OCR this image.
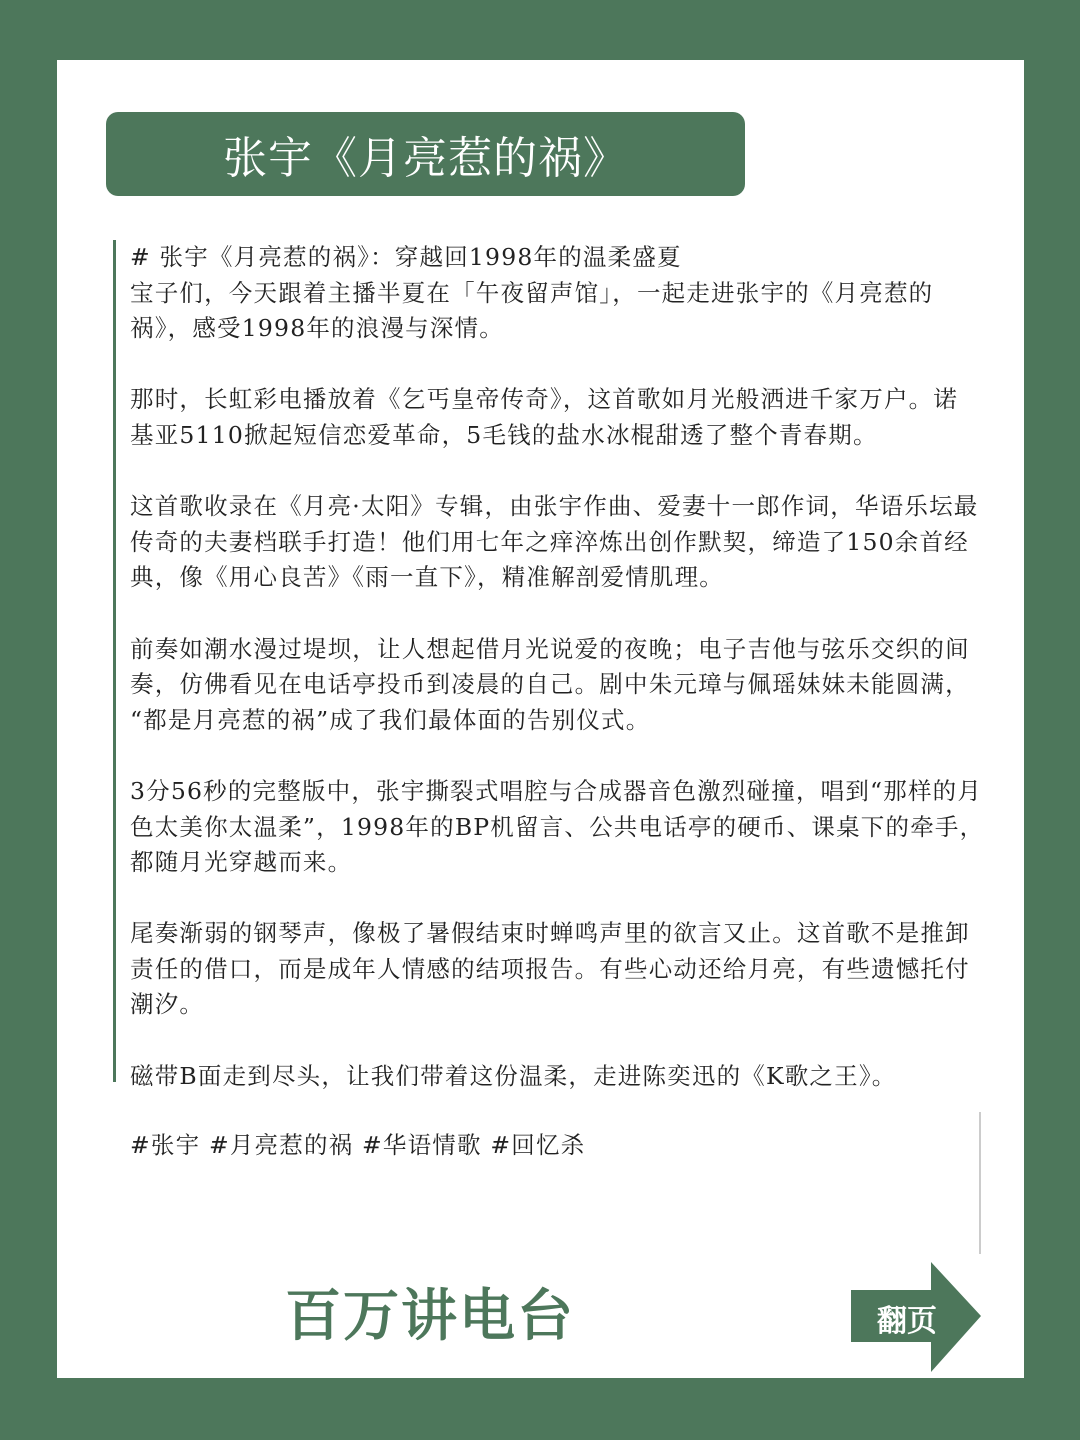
张宇《月亮惹的祸》
# 张宇《月亮惹的祸》：穿越回1998年的温柔盛夏
宝子们，今天跟着主播半夏在「午夜留声馆」，一起走进张宇的《月亮惹的
祸》，感受1998年的浪漫与深情。
那时，长虹彩电播放着《乞丐皇帝传奇》，这首歌如月光般洒进千家万户。诺
基亚5110掀起短信恋爱革命，5毛钱的盐水冰棍甜透了整个青春期。
这首歌收录在《月亮·太阳》专辑，由张宇作曲、爱妻十一郎作词，华语乐坛最
传奇的夫妻档联手打造！他们用七年之痒淬炼出创作默契，缔造了150余首经
典，像《用心良苦》《雨一直下》，精准解剖爱情肌理。
前奏如潮水漫过堤坝，让人想起借月光说爱的夜晚；电子吉他与弦乐交织的间
奏，仿佛看见在电话亭投币到凌晨的自己。剧中朱元璋与佩瑶妹妹未能圆满，
“都是月亮惹的祸”成了我们最体面的告别仪式。
3分56秒的完整版中，张宇撕裂式唱腔与合成器音色激烈碰撞，唱到“那样的月
色太美你太温柔”，1998年的BP机留言、公共电话亭的硬币、课桌下的牵手，
都随月光穿越而来。
尾奏渐弱的钢琴声，像极了暑假结束时蝉鸣声里的欲言又止。这首歌不是推卸
责任的借口，而是成年人情感的结项报告。有些心动还给月亮，有些遗憾托付
潮汐。
磁带B面走到尽头，让我们带着这份温柔，走进陈奕迅的《K歌之王》。
#张宇 #月亮惹的祸 #华语情歌 #回忆杀
百万讲电台	翻页
